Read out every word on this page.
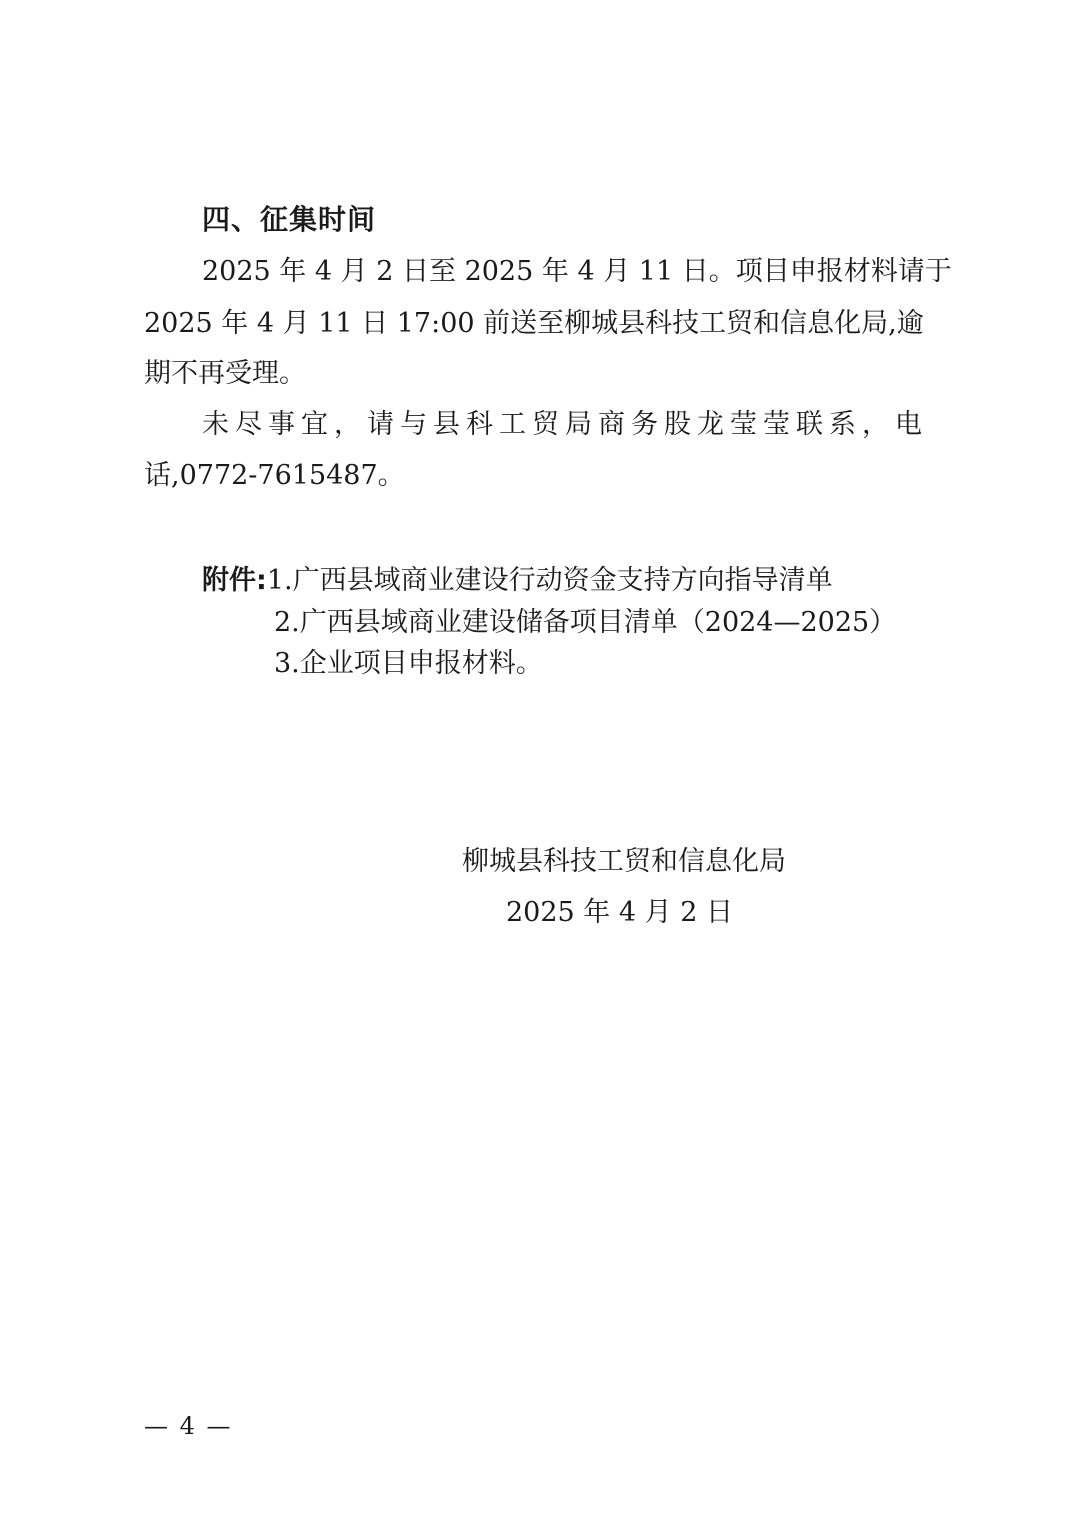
四、征集时间
2025 年 4 月 2 日至 2025 年 4 月 11 日。项目申报材料请于
2025 年 4 月 11 日 17:00 前送至柳城县科技工贸和信息化局,逾
期不再受理。
未尽事宜，请与县科工贸局商务股龙莹莹联系，电
话,0772-7615487。
附件:1.广西县域商业建设行动资金支持方向指导清单
2.广西县域商业建设储备项目清单（2024—2025）
3.企业项目申报材料。
柳城县科技工贸和信息化局
2025 年 4 月 2 日
— 4 —
